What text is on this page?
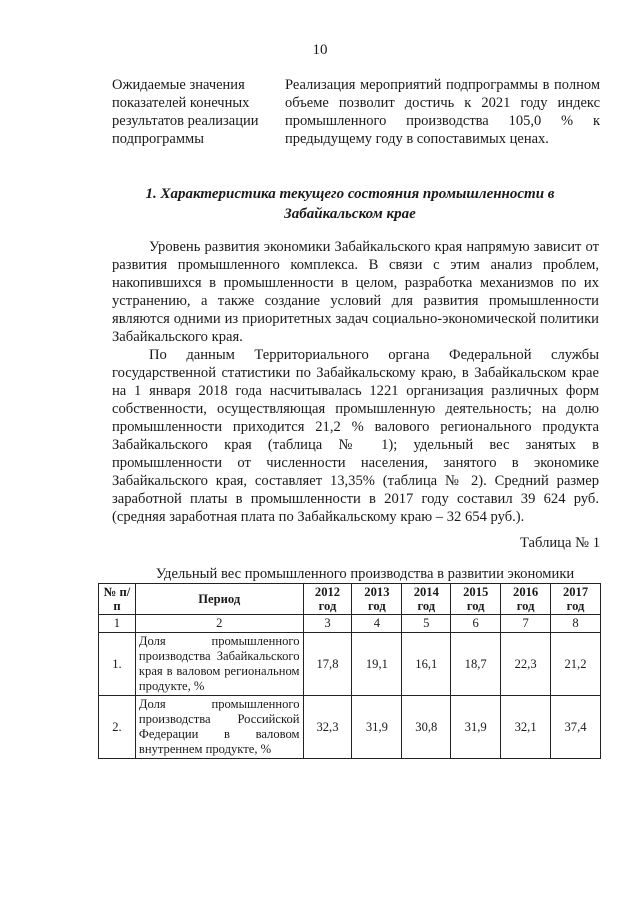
10
Ожидаемые значения показателей конечных результатов реализации подпрограммы
Реализация мероприятий подпрограммы в полном объеме позволит достичь к 2021 году индекс промышленного производства 105,0 % к предыдущему году в сопоставимых ценах.
1. Характеристика текущего состояния промышленности в Забайкальском крае

Уровень развития экономики Забайкальского края напрямую зависит от развития промышленного комплекса. В связи с этим анализ проблем, накопившихся в промышленности в целом, разработка механизмов по их устранению, а также создание условий для развития промышленности являются одними из приоритетных задач социально-экономической политики Забайкальского края.

По данным Территориального органа Федеральной службы государственной статистики по Забайкальскому краю, в Забайкальском крае на 1 января 2018 года насчитывалась 1221 организация различных форм собственности, осуществляющая промышленную деятельность; на долю промышленности приходится 21,2 % валового регионального продукта Забайкальского края (таблица № 1); удельный вес занятых в промышленности от численности населения, занятого в экономике Забайкальского края, составляет 13,35% (таблица № 2). Средний размер заработной платы в промышленности в 2017 году составил 39 624 руб. (средняя заработная плата по Забайкальскому краю – 32 654 руб.).

Таблица № 1
Удельный вес промышленного производства в развитии экономики
№ п/п	Период	2012 год	2013 год	2014 год	2015 год	2016 год	2017 год
1	2	3	4	5	6	7	8
1.	Доля промышленного производства Забайкальского края в валовом региональном продукте, %	17,8	19,1	16,1	18,7	22,3	21,2
2.	Доля промышленного производства Российской Федерации в валовом внутреннем продукте, %	32,3	31,9	30,8	31,9	32,1	37,4
